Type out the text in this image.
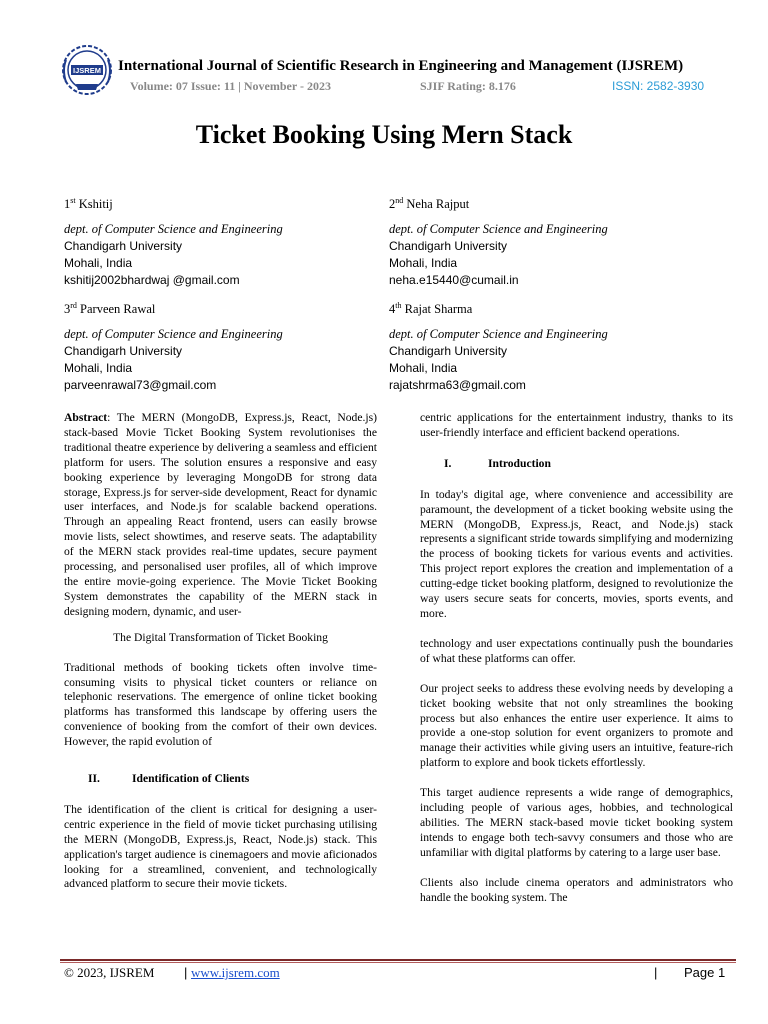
IJSREM International Journal of Scientific Research in Engineering and Management (IJSREM)
Volume: 07 Issue: 11 | November - 2023	SJIF Rating: 8.176	ISSN: 2582-3930
Ticket Booking Using Mern Stack
1st Kshitij
dept. of Computer Science and Engineering
Chandigarh University
Mohali, India
kshitij2002bhardwaj @gmail.com
2nd Neha Rajput
dept. of Computer Science and Engineering
Chandigarh University
Mohali, India
neha.e15440@cumail.in
3rd Parveen Rawal
dept. of Computer Science and Engineering
Chandigarh University
Mohali, India
parveenrawal73@gmail.com
4th Rajat Sharma
dept. of Computer Science and Engineering
Chandigarh University
Mohali, India
rajatshrma63@gmail.com

Abstract: The MERN (MongoDB, Express.js, React, Node.js) stack-based Movie Ticket Booking System revolutionises the traditional theatre experience by delivering a seamless and efficient platform for users. The solution ensures a responsive and easy booking experience by leveraging MongoDB for strong data storage, Express.js for server-side development, React for dynamic user interfaces, and Node.js for scalable backend operations. Through an appealing React frontend, users can easily browse movie lists, select showtimes, and reserve seats. The adaptability of the MERN stack provides real-time updates, secure payment processing, and personalised user profiles, all of which improve the entire movie-going experience. The Movie Ticket Booking System demonstrates the capability of the MERN stack in designing modern, dynamic, and user-

The Digital Transformation of Ticket Booking

Traditional methods of booking tickets often involve time-consuming visits to physical ticket counters or reliance on telephonic reservations. The emergence of online ticket booking platforms has transformed this landscape by offering users the convenience of booking from the comfort of their own devices. However, the rapid evolution of

II.	Identification of Clients

The identification of the client is critical for designing a user-centric experience in the field of movie ticket purchasing utilising the MERN (MongoDB, Express.js, React, Node.js) stack. This application's target audience is cinemagoers and movie aficionados looking for a streamlined, convenient, and technologically advanced platform to secure their movie tickets.

centric applications for the entertainment industry, thanks to its user-friendly interface and efficient backend operations.

I.	Introduction

In today's digital age, where convenience and accessibility are paramount, the development of a ticket booking website using the MERN (MongoDB, Express.js, React, and Node.js) stack represents a significant stride towards simplifying and modernizing the process of booking tickets for various events and activities. This project report explores the creation and implementation of a cutting-edge ticket booking platform, designed to revolutionize the way users secure seats for concerts, movies, sports events, and more.

technology and user expectations continually push the boundaries of what these platforms can offer.

Our project seeks to address these evolving needs by developing a ticket booking website that not only streamlines the booking process but also enhances the entire user experience. It aims to provide a one-stop solution for event organizers to promote and manage their activities while giving users an intuitive, feature-rich platform to explore and book tickets effortlessly.

This target audience represents a wide range of demographics, including people of various ages, hobbies, and technological abilities. The MERN stack-based movie ticket booking system intends to engage both tech-savvy consumers and those who are unfamiliar with digital platforms by catering to a large user base.

Clients also include cinema operators and administrators who handle the booking system. The

© 2023, IJSREM | www.ijsrem.com	| Page 1
